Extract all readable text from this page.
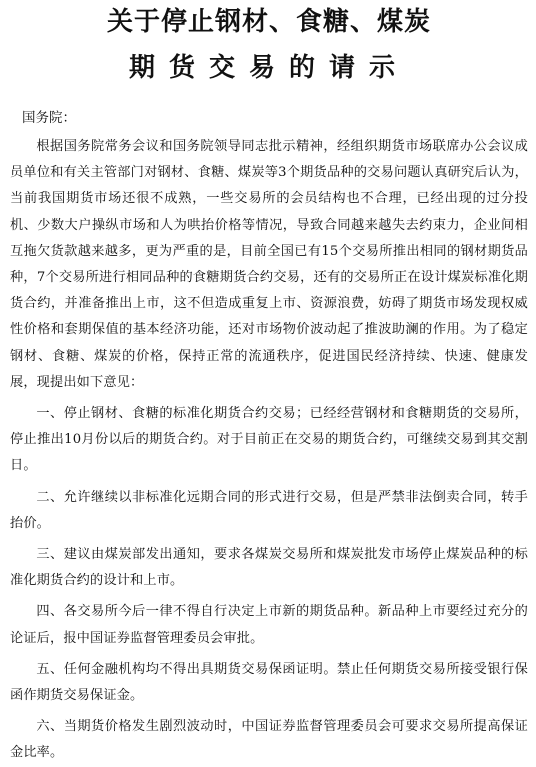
关于停止钢材、食糖、煤炭
期货交易的请示

国务院：

根据国务院常务会议和国务院领导同志批示精神，经组织期货市场联席办公会议成员单位和有关主管部门对钢材、食糖、煤炭等3个期货品种的交易问题认真研究后认为，当前我国期货市场还很不成熟，一些交易所的会员结构也不合理，已经出现的过分投机、少数大户操纵市场和人为哄抬价格等情况，导致合同越来越失去约束力，企业间相互拖欠货款越来越多，更为严重的是，目前全国已有15个交易所推出相同的钢材期货品种，7个交易所进行相同品种的食糖期货合约交易，还有的交易所正在设计煤炭标准化期货合约，并准备推出上市，这不但造成重复上市、资源浪费，妨碍了期货市场发现权威性价格和套期保值的基本经济功能，还对市场物价波动起了推波助澜的作用。为了稳定钢材、食糖、煤炭的价格，保持正常的流通秩序，促进国民经济持续、快速、健康发展，现提出如下意见：

一、停止钢材、食糖的标准化期货合约交易；已经经营钢材和食糖期货的交易所，停止推出10月份以后的期货合约。对于目前正在交易的期货合约，可继续交易到其交割日。

二、允许继续以非标准化远期合同的形式进行交易，但是严禁非法倒卖合同，转手抬价。

三、建议由煤炭部发出通知，要求各煤炭交易所和煤炭批发市场停止煤炭品种的标准化期货合约的设计和上市。

四、各交易所今后一律不得自行决定上市新的期货品种。新品种上市要经过充分的论证后，报中国证券监督管理委员会审批。

五、任何金融机构均不得出具期货交易保函证明。禁止任何期货交易所接受银行保函作期货交易保证金。

六、当期货价格发生剧烈波动时，中国证券监督管理委员会可要求交易所提高保证金比率。
